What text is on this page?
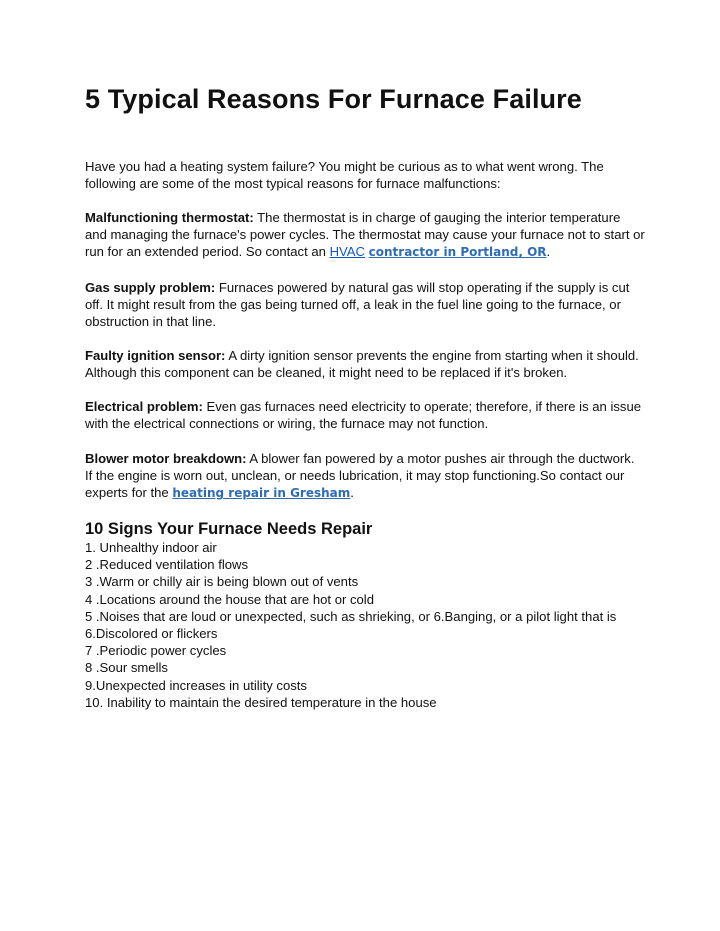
5 Typical Reasons For Furnace Failure

Have you had a heating system failure? You might be curious as to what went wrong. The following are some of the most typical reasons for furnace malfunctions:

Malfunctioning thermostat: The thermostat is in charge of gauging the interior temperature and managing the furnace's power cycles. The thermostat may cause your furnace not to start or run for an extended period. So contact an HVAC contractor in Portland, OR.

Gas supply problem: Furnaces powered by natural gas will stop operating if the supply is cut off. It might result from the gas being turned off, a leak in the fuel line going to the furnace, or obstruction in that line.

Faulty ignition sensor: A dirty ignition sensor prevents the engine from starting when it should. Although this component can be cleaned, it might need to be replaced if it's broken.

Electrical problem: Even gas furnaces need electricity to operate; therefore, if there is an issue with the electrical connections or wiring, the furnace may not function.

Blower motor breakdown: A blower fan powered by a motor pushes air through the ductwork. If the engine is worn out, unclean, or needs lubrication, it may stop functioning.So contact our experts for the heating repair in Gresham.

10 Signs Your Furnace Needs Repair
1. Unhealthy indoor air
2 .Reduced ventilation flows
3 .Warm or chilly air is being blown out of vents
4 .Locations around the house that are hot or cold
5 .Noises that are loud or unexpected, such as shrieking, or 6.Banging, or a pilot light that is
6.Discolored or flickers
7 .Periodic power cycles
8 .Sour smells
9.Unexpected increases in utility costs
10. Inability to maintain the desired temperature in the house
